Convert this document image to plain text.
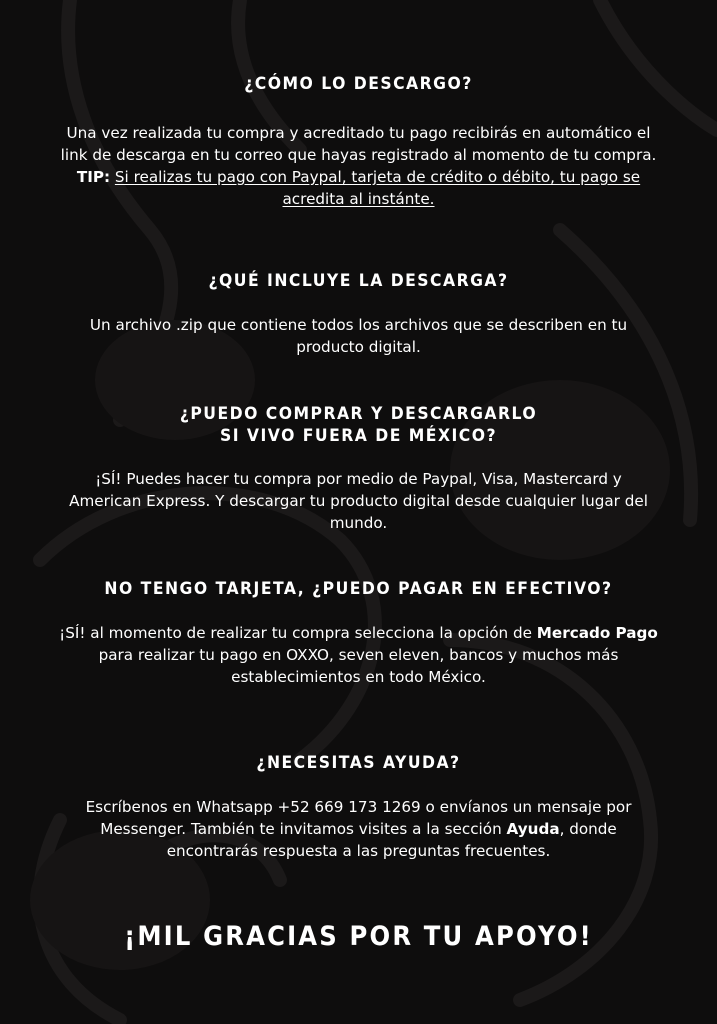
¿CÓMO LO DESCARGO?

Una vez realizada tu compra y acreditado tu pago recibirás en automático el link de descarga en tu correo que hayas registrado al momento de tu compra. TIP: Si realizas tu pago con Paypal, tarjeta de crédito o débito, tu pago se acredita al instánte.

¿QUÉ INCLUYE LA DESCARGA?

Un archivo .zip que contiene todos los archivos que se describen en tu producto digital.

¿PUEDO COMPRAR Y DESCARGARLO
SI VIVO FUERA DE MÉXICO?

¡SÍ! Puedes hacer tu compra por medio de Paypal, Visa, Mastercard y American Express. Y descargar tu producto digital desde cualquier lugar del mundo.

NO TENGO TARJETA, ¿PUEDO PAGAR EN EFECTIVO?

¡SÍ! al momento de realizar tu compra selecciona la opción de Mercado Pago para realizar tu pago en OXXO, seven eleven, bancos y muchos más establecimientos en todo México.

¿NECESITAS AYUDA?

Escríbenos en Whatsapp +52 669 173 1269 o envíanos un mensaje por Messenger. También te invitamos visites a la sección Ayuda, donde encontrarás respuesta a las preguntas frecuentes.

¡MIL GRACIAS POR TU APOYO!
